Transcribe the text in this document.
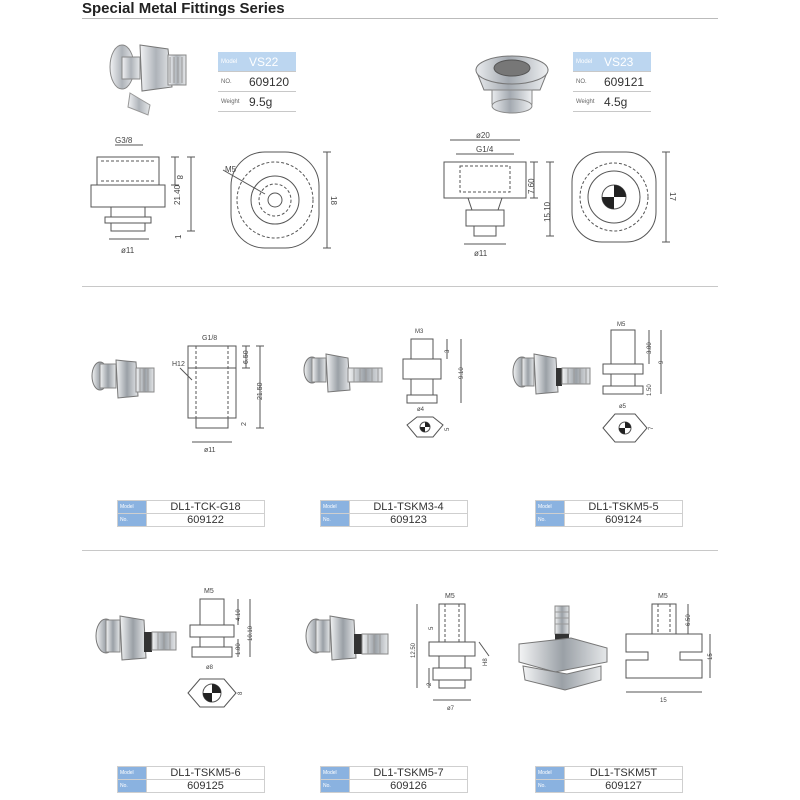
Special Metal Fittings Series
Model	VS22
NO.	609120
Weight	9.5g
Model	VS23
NO.	609121
Weight	4.5g
G3/8
8
21.40
1
ø11
M5
18
ø20
G1/4
7.60
15.10
ø11
17
G1/8
H12
6.50
21.50
2
ø11
Model	DL1-TCK-G18
No.	609122
M3
3
9.10
ø4
5
Model	DL1-TSKM3-4
No.	609123
M5
3.80
9
1.50
ø5
7
Model	DL1-TSKM5-5
No.	609124
M5
4.10
10.10
1.80
ø8
8
Model	DL1-TSKM5-6
No.	609125
M5
5
12.50
H8
2
ø7
Model	DL1-TSKM5-7
No.	609126
M5
6.50
15
15
Model	DL1-TSKM5T
No.	609127
